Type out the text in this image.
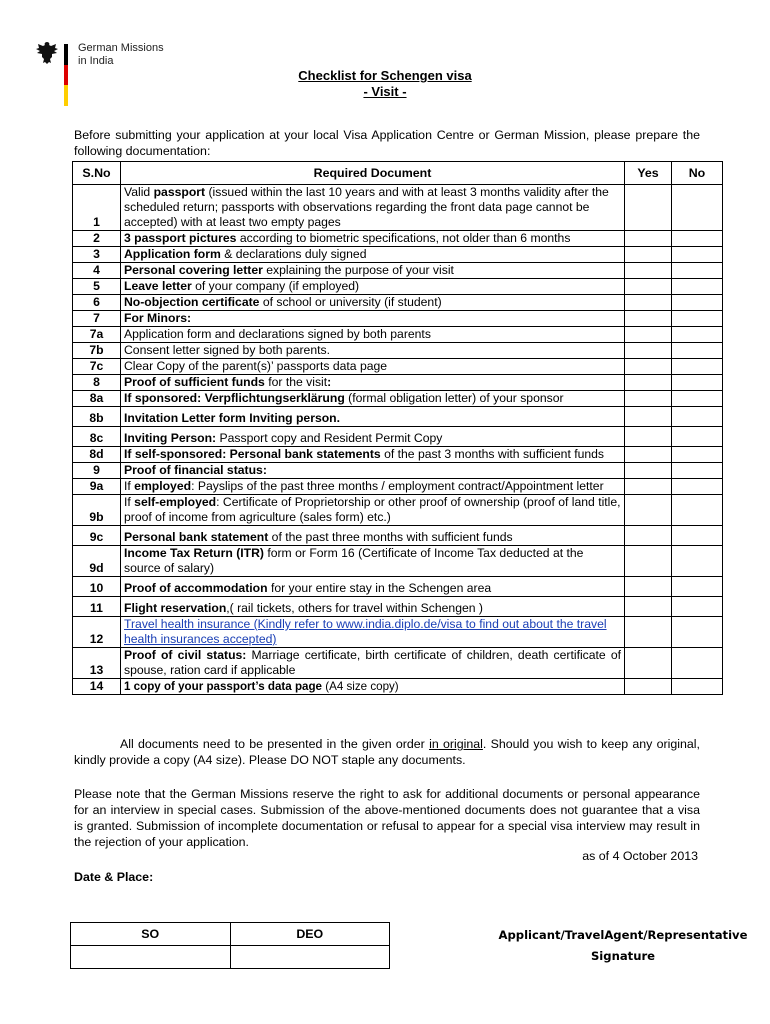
German Missions
in India
Checklist for Schengen visa
- Visit -
Before submitting your application at your local Visa Application Centre or German Mission, please prepare the following documentation:
S.No	Required Document	Yes	No
1	Valid passport (issued within the last 10 years and with at least 3 months validity after the scheduled return; passports with observations regarding the front data page cannot be accepted) with at least two empty pages		
2	3 passport pictures according to biometric specifications, not older than 6 months		
3	Application form & declarations duly signed		
4	Personal covering letter explaining the purpose of your visit		
5	Leave letter of your company (if employed)		
6	No-objection certificate of school or university (if student)		
7	For Minors:		
7a	Application form and declarations signed by both parents		
7b	Consent letter signed by both parents.		
7c	Clear Copy of the parent(s)’ passports data page		
8	Proof of sufficient funds for the visit:		
8a	If sponsored: Verpflichtungserklärung (formal obligation letter) of your sponsor		
8b	Invitation Letter form Inviting person.		
8c	Inviting Person: Passport copy and Resident Permit Copy		
8d	If self-sponsored: Personal bank statements of the past 3 months with sufficient funds		
9	Proof of financial status:		
9a	If employed: Payslips of the past three months / employment contract/Appointment letter		
9b	If self-employed: Certificate of Proprietorship or other proof of ownership (proof of land title, proof of income from agriculture (sales form) etc.)		
9c	Personal bank statement of the past three months with sufficient funds		
9d	Income Tax Return (ITR) form or Form 16 (Certificate of Income Tax deducted at the source of salary)		
10	Proof of accommodation for your entire stay in the Schengen area		
11	Flight reservation,( rail tickets, others for travel within Schengen )		
12	Travel health insurance (Kindly refer to www.india.diplo.de/visa to find out about the travel health insurances accepted)		
13	Proof of civil status: Marriage certificate, birth certificate of children, death certificate of spouse, ration card if applicable		
14	1 copy of your passport’s data page (A4 size copy)		
All documents need to be presented in the given order in original. Should you wish to keep any original, kindly provide a copy (A4 size). Please DO NOT staple any documents.
Please note that the German Missions reserve the right to ask for additional documents or personal appearance for an interview in special cases. Submission of the above-mentioned documents does not guarantee that a visa is granted. Submission of incomplete documentation or refusal to appear for a special visa interview may result in the rejection of your application.
as of 4 October 2013
Date & Place:
SO	DEO
		Applicant/TravelAgent/Representative
Signature
